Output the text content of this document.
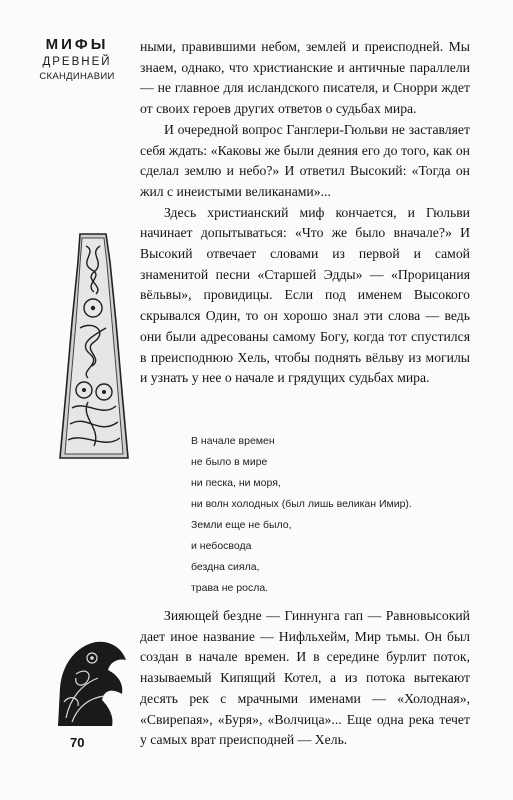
МИФЫ
ДРЕВНЕЙ
СКАНДИНАВИИ

ными, правившими небом, землей и преисподней. Мы знаем, однако, что христианские и античные параллели — не главное для исландского писателя, и Снорри ждет от своих героев других ответов о судьбах мира.

И очередной вопрос Ганглери-Гюльви не заставляет себя ждать: «Каковы же были деяния его до того, как он сделал землю и небо?» И ответил Высокий: «Тогда он жил с инеистыми великанами»...

Здесь христианский миф кончается, и Гюльви начинает допытываться: «Что же было вначале?» И Высокий отвечает словами из первой и самой знаменитой песни «Старшей Эдды» — «Прорицания вёльвы», провидицы. Если под именем Высокого скрывался Один, то он хорошо знал эти слова — ведь они были адресованы самому Богу, когда тот спустился в преисподнюю Хель, чтобы поднять вёльву из могилы и узнать у нее о начале и грядущих судьбах мира.

В начале времен
не было в мире
ни песка, ни моря,
ни волн холодных (был лишь великан Имир).
Земли еще не было,
и небосвода
бездна сияла,
трава не росла.

Зияющей бездне — Гиннунга гап — Равновысокий дает иное название — Нифльхейм, Мир тьмы. Он был создан в начале времен. И в середине бурлит поток, называемый Кипящий Котел, а из потока вытекают десять рек с мрачными именами — «Холодная», «Свирепая», «Буря», «Волчица»... Еще одна река течет у самых врат преисподней — Хель.

70
